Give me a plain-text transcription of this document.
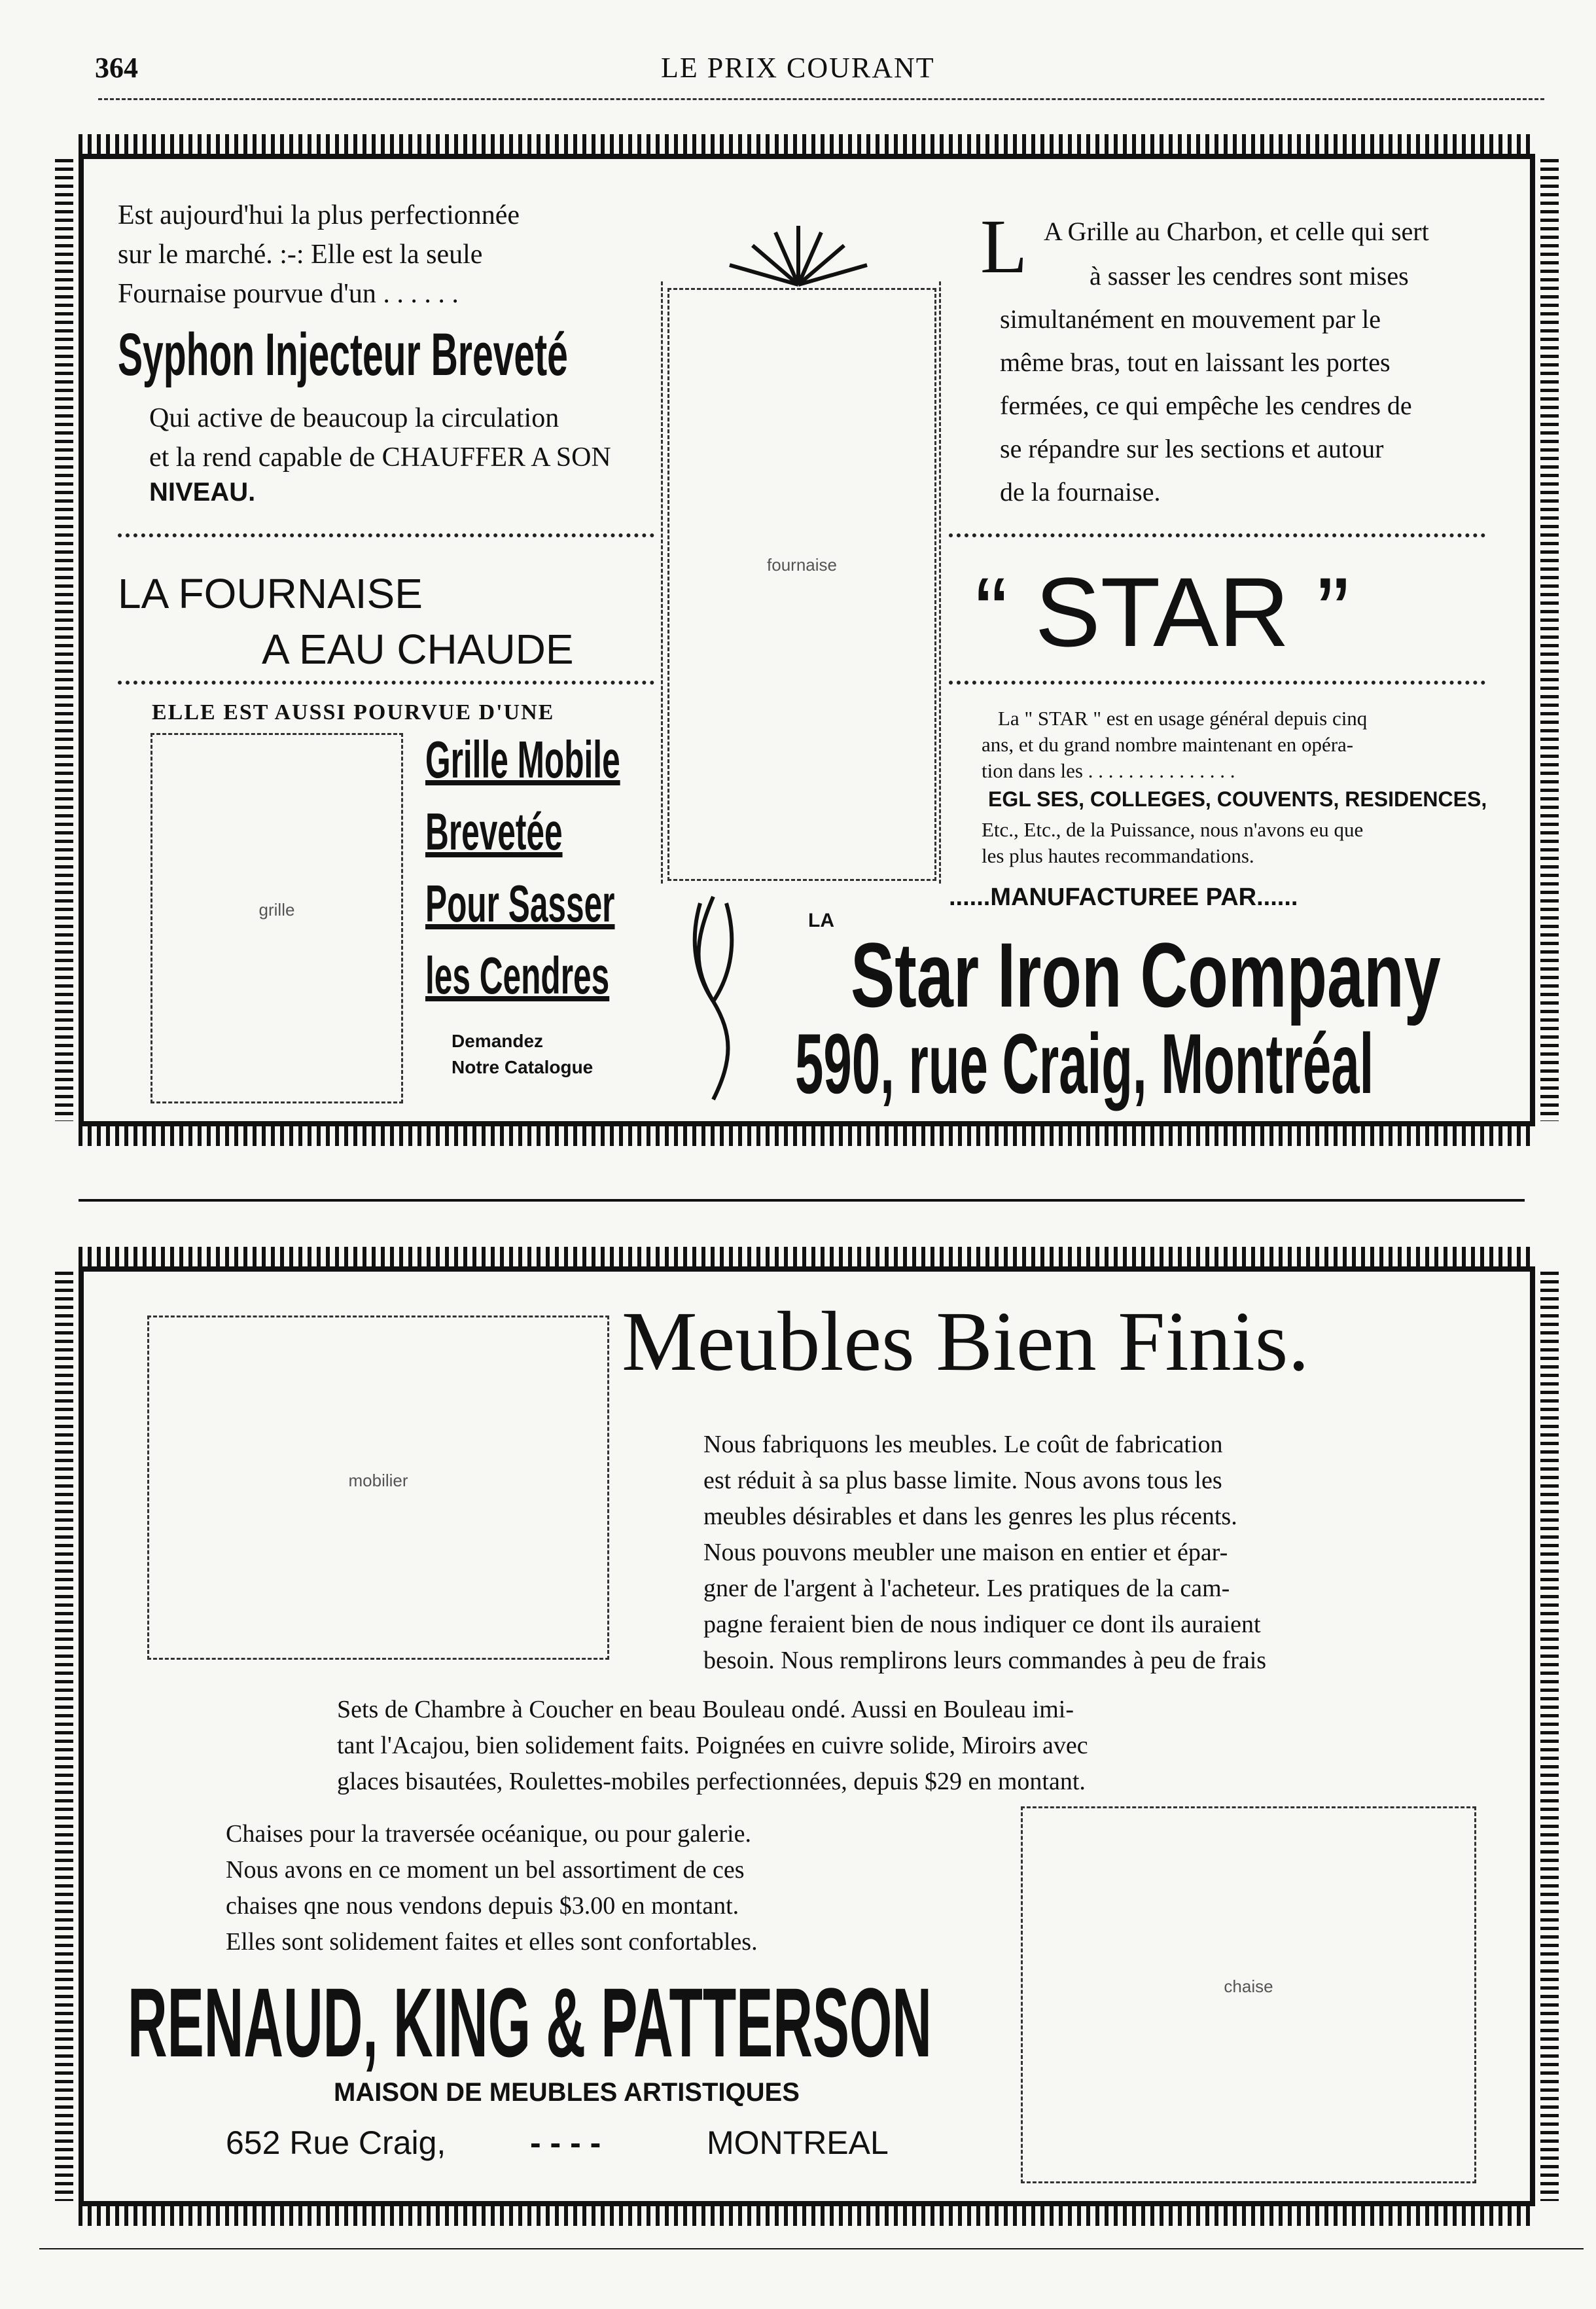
364	LE PRIX COURANT
Est aujourd'hui la plus perfectionnée
sur le marché. :-: Elle est la seule
Fournaise pourvue d'un . . . . . .
Syphon Injecteur Breveté
Qui active de beaucoup la circulation
et la rend capable de CHAUFFER A SON
NIVEAU.
LA FOURNAISE
A EAU CHAUDE
ELLE EST AUSSI POURVUE D'UNE
grille
Grille Mobile
Brevetée
Pour Sasser
les Cendres
Demandez
Notre Catalogue
fournaise
L A Grille au Charbon, et celle qui sert
à sasser les cendres sont mises
simultanément en mouvement par le
même bras, tout en laissant les portes
fermées, ce qui empêche les cendres de
se répandre sur les sections et autour
de la fournaise.
“ STAR ”
La " STAR " est en usage général depuis cinq
ans, et du grand nombre maintenant en opéra-
tion dans les . . . . . . . . . . . . . . .
EGL SES, COLLEGES, COUVENTS, RESIDENCES,
Etc., Etc., de la Puissance, nous n'avons eu que
les plus hautes recommandations.
......MANUFACTUREE PAR......
LA
Star Iron Company
590, rue Craig, Montréal
mobilier
Meubles Bien Finis.
Nous fabriquons les meubles. Le coût de fabrication
est réduit à sa plus basse limite. Nous avons tous les
meubles désirables et dans les genres les plus récents.
Nous pouvons meubler une maison en entier et épar-
gner de l'argent à l'acheteur. Les pratiques de la cam-
pagne feraient bien de nous indiquer ce dont ils auraient
besoin. Nous remplirons leurs commandes à peu de frais
Sets de Chambre à Coucher en beau Bouleau ondé. Aussi en Bouleau imi-
tant l'Acajou, bien solidement faits. Poignées en cuivre solide, Miroirs avec
glaces bisautées, Roulettes-mobiles perfectionnées, depuis $29 en montant.
Chaises pour la traversée océanique, ou pour galerie.
Nous avons en ce moment un bel assortiment de ces
chaises qne nous vendons depuis $3.00 en montant.
Elles sont solidement faites et elles sont confortables.
chaise
RENAUD, KING & PATTERSON
MAISON DE MEUBLES ARTISTIQUES
652 Rue Craig,	- - - -	MONTREAL
